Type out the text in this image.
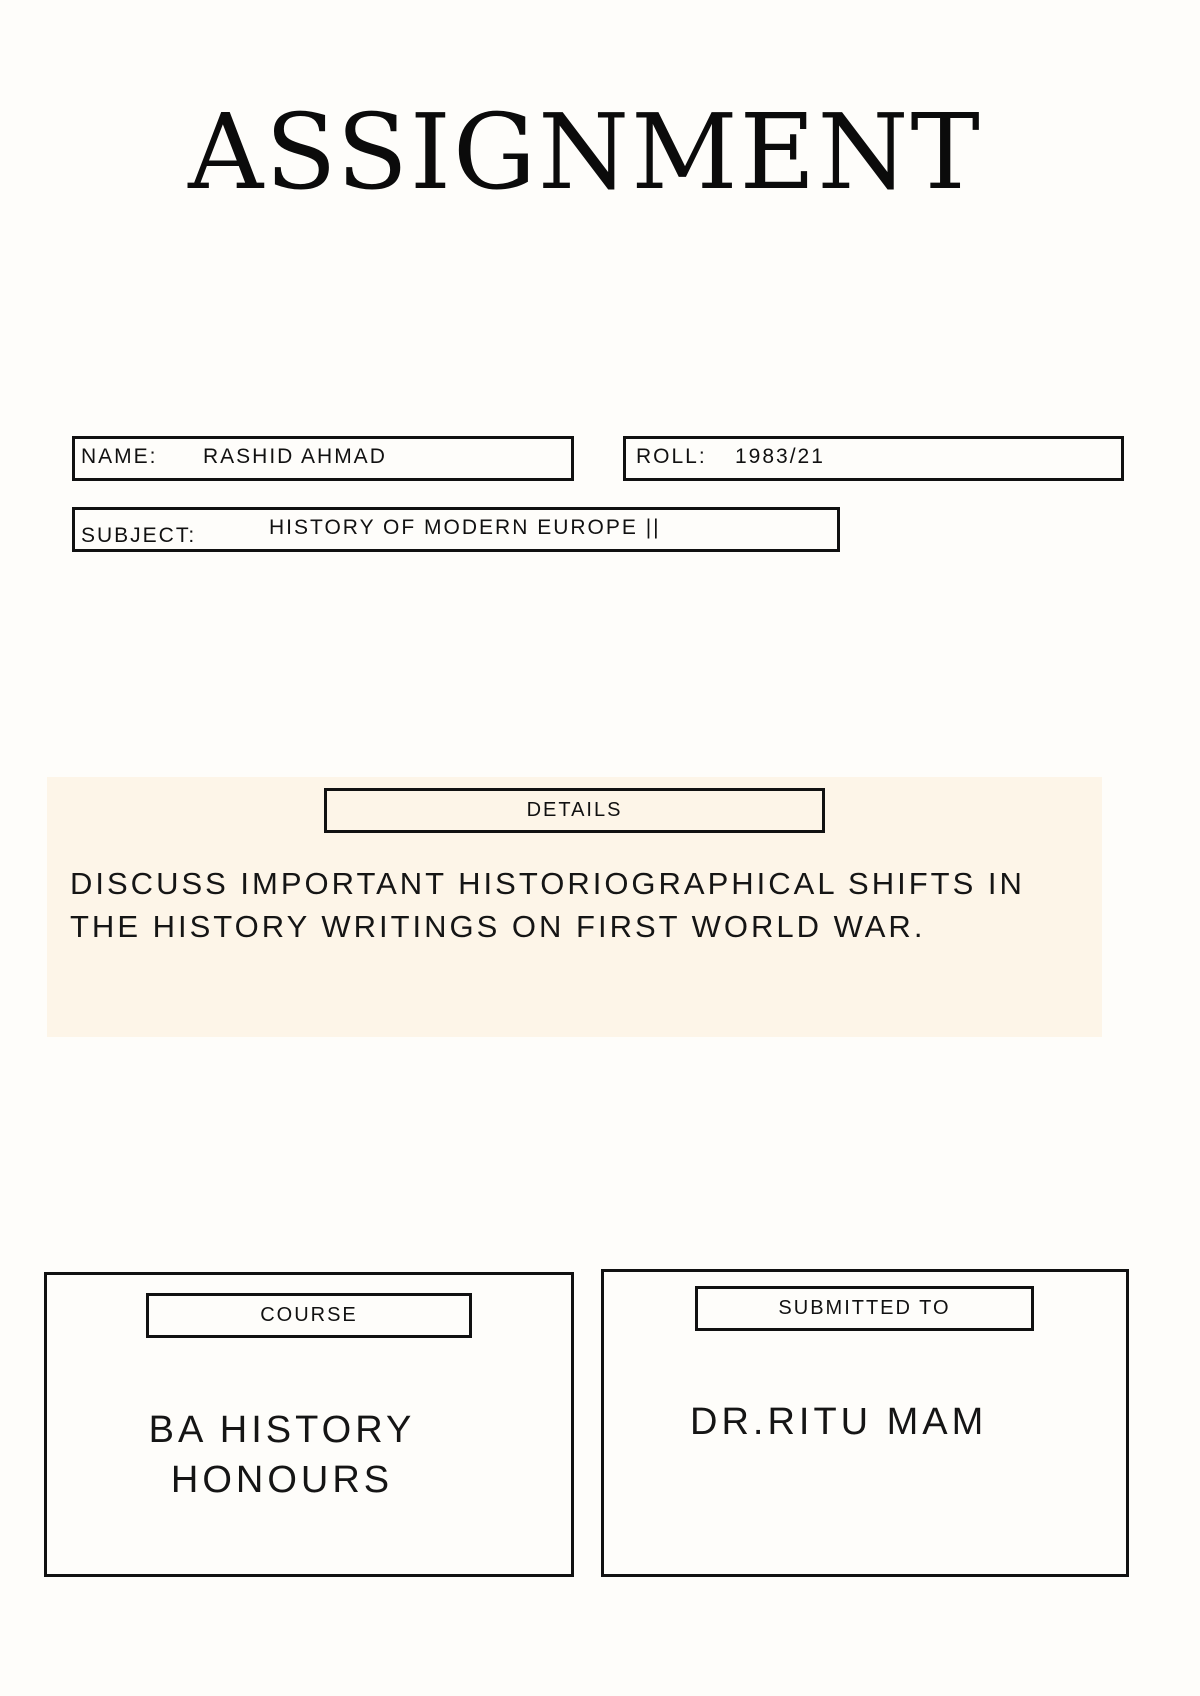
ASSIGNMENT
NAME: RASHID AHMAD	ROLL: 1983/21
SUBJECT:	HISTORY OF MODERN EUROPE ||
DETAILS
DISCUSS IMPORTANT HISTORIOGRAPHICAL SHIFTS IN THE HISTORY WRITINGS ON FIRST WORLD WAR.
COURSE
BA HISTORY HONOURS
SUBMITTED TO
DR.RITU MAM
